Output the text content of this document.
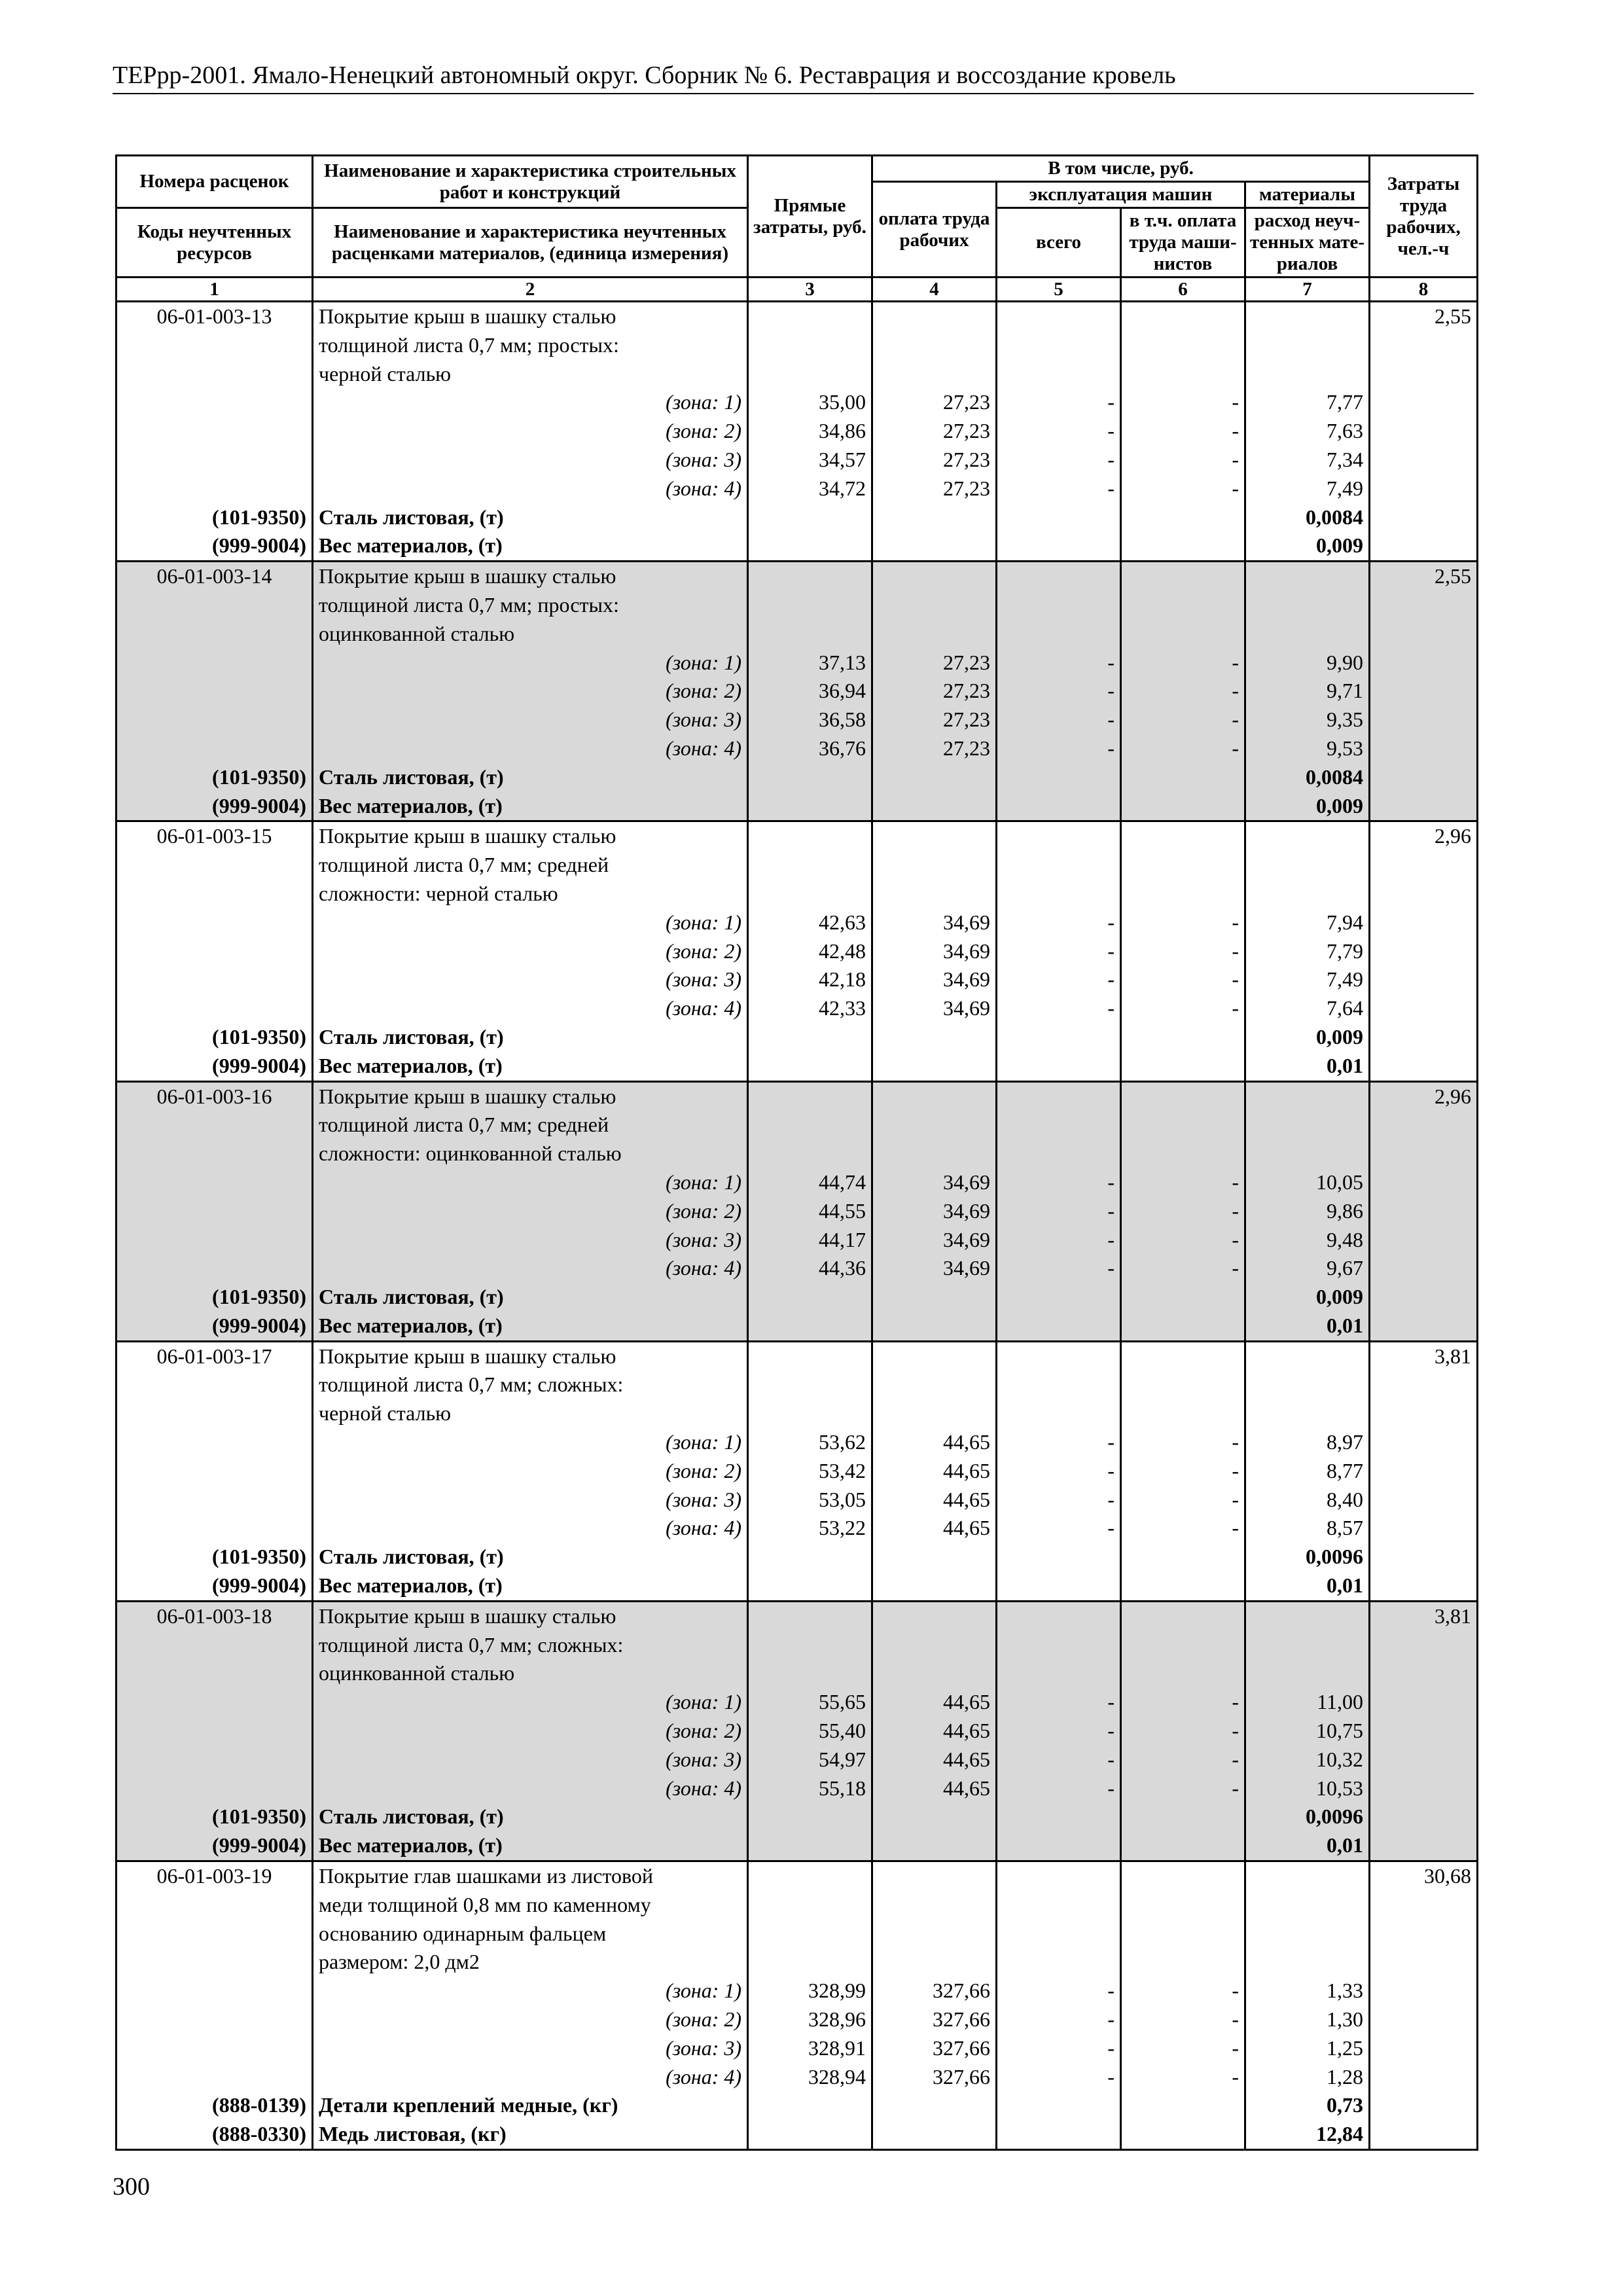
ТЕРрр-2001. Ямало-Ненецкий автономный округ. Сборник № 6. Реставрация и воссоздание кровель
Номера расценок	Наименование и характеристика строительных работ и конструкций	Прямые затраты, руб.	В том числе, руб.				Затраты труда рабочих, чел.-ч
			оплата труда рабочих	эксплуатация машин		материалы	
Коды неучтенных ресурсов	Наименование и характеристика неучтенных расценками материалов, (единица измерения)			всего	в т.ч. оплата труда маши-нистов	расход неуч-тенных мате-риалов	
1	2	3	4	5	6	7	8
06-01-003-13	Покрытие крыш в шашку сталью						2,55
	толщиной листа 0,7 мм; простых:						
	черной сталью						
	(зона: 1)	35,00	27,23	-	-	7,77	
	(зона: 2)	34,86	27,23	-	-	7,63	
	(зона: 3)	34,57	27,23	-	-	7,34	
	(зона: 4)	34,72	27,23	-	-	7,49	
(101-9350)	Сталь листовая, (т)					0,0084	
(999-9004)	Вес материалов, (т)					0,009	
06-01-003-14	Покрытие крыш в шашку сталью						2,55
	толщиной листа 0,7 мм; простых:						
	оцинкованной сталью						
	(зона: 1)	37,13	27,23	-	-	9,90	
	(зона: 2)	36,94	27,23	-	-	9,71	
	(зона: 3)	36,58	27,23	-	-	9,35	
	(зона: 4)	36,76	27,23	-	-	9,53	
(101-9350)	Сталь листовая, (т)					0,0084	
(999-9004)	Вес материалов, (т)					0,009	
06-01-003-15	Покрытие крыш в шашку сталью						2,96
	толщиной листа 0,7 мм; средней						
	сложности: черной сталью						
	(зона: 1)	42,63	34,69	-	-	7,94	
	(зона: 2)	42,48	34,69	-	-	7,79	
	(зона: 3)	42,18	34,69	-	-	7,49	
	(зона: 4)	42,33	34,69	-	-	7,64	
(101-9350)	Сталь листовая, (т)					0,009	
(999-9004)	Вес материалов, (т)					0,01	
06-01-003-16	Покрытие крыш в шашку сталью						2,96
	толщиной листа 0,7 мм; средней						
	сложности: оцинкованной сталью						
	(зона: 1)	44,74	34,69	-	-	10,05	
	(зона: 2)	44,55	34,69	-	-	9,86	
	(зона: 3)	44,17	34,69	-	-	9,48	
	(зона: 4)	44,36	34,69	-	-	9,67	
(101-9350)	Сталь листовая, (т)					0,009	
(999-9004)	Вес материалов, (т)					0,01	
06-01-003-17	Покрытие крыш в шашку сталью						3,81
	толщиной листа 0,7 мм; сложных:						
	черной сталью						
	(зона: 1)	53,62	44,65	-	-	8,97	
	(зона: 2)	53,42	44,65	-	-	8,77	
	(зона: 3)	53,05	44,65	-	-	8,40	
	(зона: 4)	53,22	44,65	-	-	8,57	
(101-9350)	Сталь листовая, (т)					0,0096	
(999-9004)	Вес материалов, (т)					0,01	
06-01-003-18	Покрытие крыш в шашку сталью						3,81
	толщиной листа 0,7 мм; сложных:						
	оцинкованной сталью						
	(зона: 1)	55,65	44,65	-	-	11,00	
	(зона: 2)	55,40	44,65	-	-	10,75	
	(зона: 3)	54,97	44,65	-	-	10,32	
	(зона: 4)	55,18	44,65	-	-	10,53	
(101-9350)	Сталь листовая, (т)					0,0096	
(999-9004)	Вес материалов, (т)					0,01	
06-01-003-19	Покрытие глав шашками из листовой						30,68
	меди толщиной 0,8 мм по каменному						
	основанию одинарным фальцем						
	размером: 2,0 дм2						
	(зона: 1)	328,99	327,66	-	-	1,33	
	(зона: 2)	328,96	327,66	-	-	1,30	
	(зона: 3)	328,91	327,66	-	-	1,25	
	(зона: 4)	328,94	327,66	-	-	1,28	
(888-0139)	Детали креплений медные, (кг)					0,73	
(888-0330)	Медь листовая, (кг)					12,84	
300
